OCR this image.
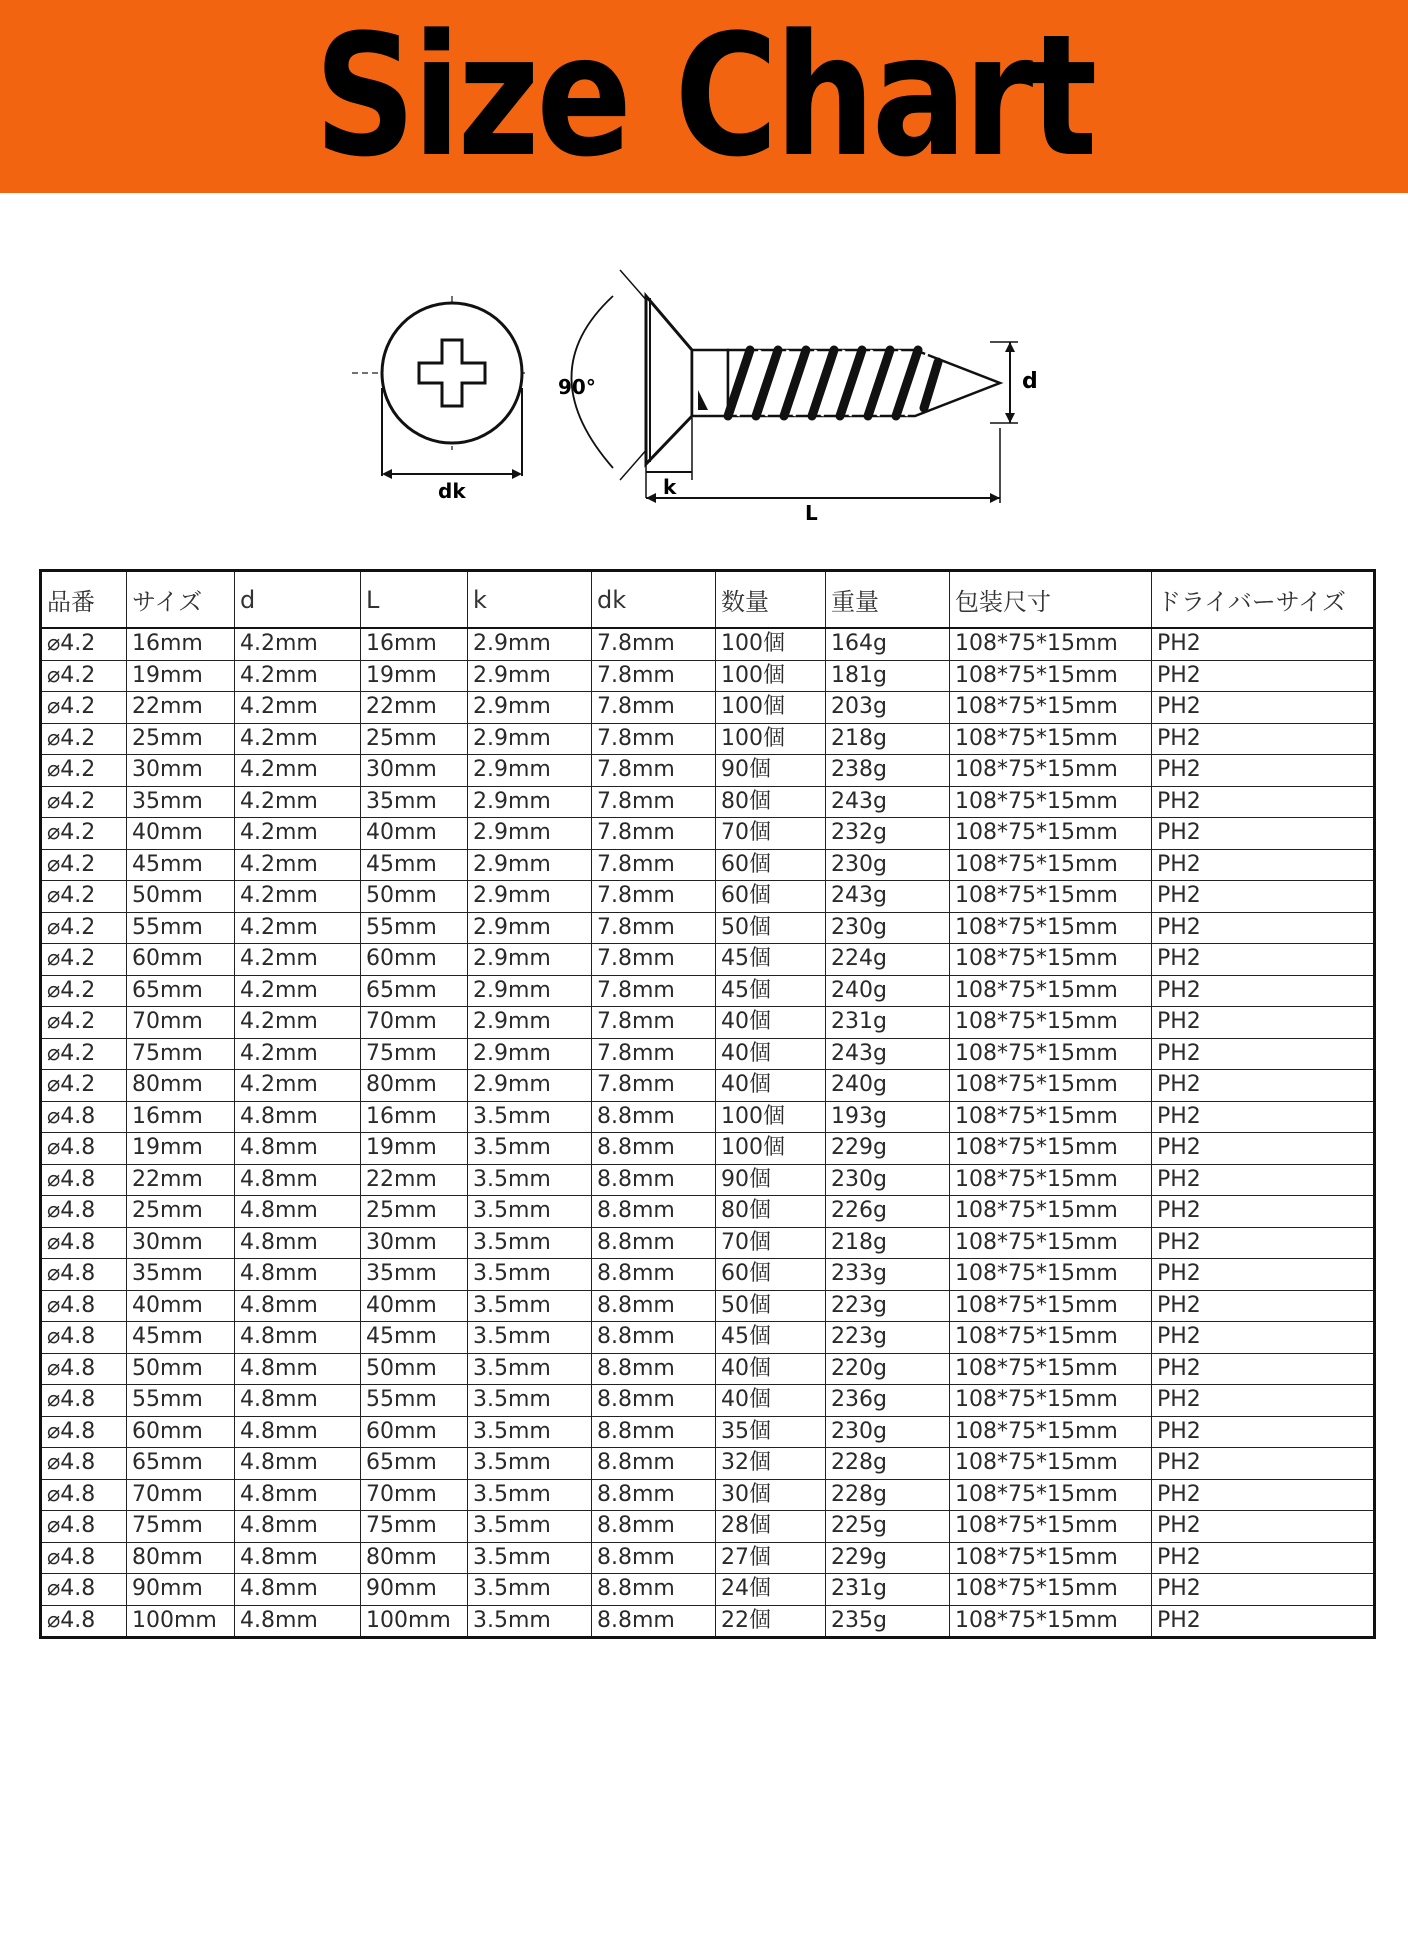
Size Chart
dk
90°	d
k
L
品番	サイズ	d	L	k	dk	数量	重量	包装尺寸	ドライバーサイズ
⌀4.2	16mm	4.2mm	16mm	2.9mm	7.8mm	100個	164g	108*75*15mm	PH2
⌀4.2	19mm	4.2mm	19mm	2.9mm	7.8mm	100個	181g	108*75*15mm	PH2
⌀4.2	22mm	4.2mm	22mm	2.9mm	7.8mm	100個	203g	108*75*15mm	PH2
⌀4.2	25mm	4.2mm	25mm	2.9mm	7.8mm	100個	218g	108*75*15mm	PH2
⌀4.2	30mm	4.2mm	30mm	2.9mm	7.8mm	90個	238g	108*75*15mm	PH2
⌀4.2	35mm	4.2mm	35mm	2.9mm	7.8mm	80個	243g	108*75*15mm	PH2
⌀4.2	40mm	4.2mm	40mm	2.9mm	7.8mm	70個	232g	108*75*15mm	PH2
⌀4.2	45mm	4.2mm	45mm	2.9mm	7.8mm	60個	230g	108*75*15mm	PH2
⌀4.2	50mm	4.2mm	50mm	2.9mm	7.8mm	60個	243g	108*75*15mm	PH2
⌀4.2	55mm	4.2mm	55mm	2.9mm	7.8mm	50個	230g	108*75*15mm	PH2
⌀4.2	60mm	4.2mm	60mm	2.9mm	7.8mm	45個	224g	108*75*15mm	PH2
⌀4.2	65mm	4.2mm	65mm	2.9mm	7.8mm	45個	240g	108*75*15mm	PH2
⌀4.2	70mm	4.2mm	70mm	2.9mm	7.8mm	40個	231g	108*75*15mm	PH2
⌀4.2	75mm	4.2mm	75mm	2.9mm	7.8mm	40個	243g	108*75*15mm	PH2
⌀4.2	80mm	4.2mm	80mm	2.9mm	7.8mm	40個	240g	108*75*15mm	PH2
⌀4.8	16mm	4.8mm	16mm	3.5mm	8.8mm	100個	193g	108*75*15mm	PH2
⌀4.8	19mm	4.8mm	19mm	3.5mm	8.8mm	100個	229g	108*75*15mm	PH2
⌀4.8	22mm	4.8mm	22mm	3.5mm	8.8mm	90個	230g	108*75*15mm	PH2
⌀4.8	25mm	4.8mm	25mm	3.5mm	8.8mm	80個	226g	108*75*15mm	PH2
⌀4.8	30mm	4.8mm	30mm	3.5mm	8.8mm	70個	218g	108*75*15mm	PH2
⌀4.8	35mm	4.8mm	35mm	3.5mm	8.8mm	60個	233g	108*75*15mm	PH2
⌀4.8	40mm	4.8mm	40mm	3.5mm	8.8mm	50個	223g	108*75*15mm	PH2
⌀4.8	45mm	4.8mm	45mm	3.5mm	8.8mm	45個	223g	108*75*15mm	PH2
⌀4.8	50mm	4.8mm	50mm	3.5mm	8.8mm	40個	220g	108*75*15mm	PH2
⌀4.8	55mm	4.8mm	55mm	3.5mm	8.8mm	40個	236g	108*75*15mm	PH2
⌀4.8	60mm	4.8mm	60mm	3.5mm	8.8mm	35個	230g	108*75*15mm	PH2
⌀4.8	65mm	4.8mm	65mm	3.5mm	8.8mm	32個	228g	108*75*15mm	PH2
⌀4.8	70mm	4.8mm	70mm	3.5mm	8.8mm	30個	228g	108*75*15mm	PH2
⌀4.8	75mm	4.8mm	75mm	3.5mm	8.8mm	28個	225g	108*75*15mm	PH2
⌀4.8	80mm	4.8mm	80mm	3.5mm	8.8mm	27個	229g	108*75*15mm	PH2
⌀4.8	90mm	4.8mm	90mm	3.5mm	8.8mm	24個	231g	108*75*15mm	PH2
⌀4.8	100mm	4.8mm	100mm	3.5mm	8.8mm	22個	235g	108*75*15mm	PH2
